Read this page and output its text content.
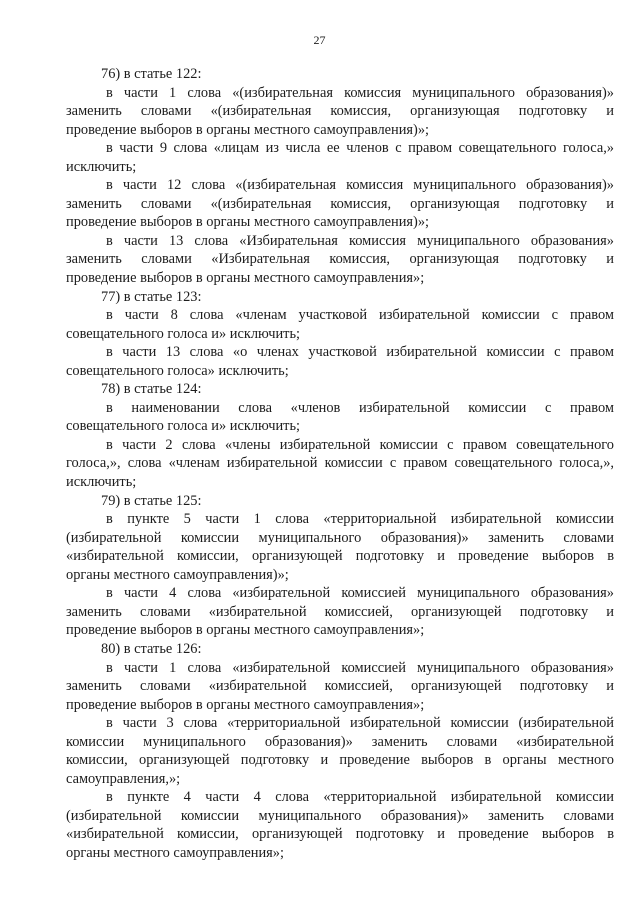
27
76) в статье 122:
в части 1 слова «(избирательная комиссия муниципального образования)»
заменить словами «(избирательная комиссия, организующая подготовку и
проведение выборов в органы местного самоуправления)»;
в части 9 слова «лицам из числа ее членов с правом совещательного голоса,»
исключить;
в части 12 слова «(избирательная комиссия муниципального образования)»
заменить словами «(избирательная комиссия, организующая подготовку и
проведение выборов в органы местного самоуправления)»;
в части 13 слова «Избирательная комиссия муниципального образования»
заменить словами «Избирательная комиссия, организующая подготовку и
проведение выборов в органы местного самоуправления»;
77) в статье 123:
в части 8 слова «членам участковой избирательной комиссии с правом
совещательного голоса и» исключить;
в части 13 слова «о членах участковой избирательной комиссии с правом
совещательного голоса» исключить;
78) в статье 124:
в наименовании слова «членов избирательной комиссии с правом
совещательного голоса и» исключить;
в части 2 слова «члены избирательной комиссии с правом совещательного
голоса,», слова «членам избирательной комиссии с правом совещательного голоса,»,
исключить;
79) в статье 125:
в пункте 5 части 1 слова «территориальной избирательной комиссии
(избирательной комиссии муниципального образования)» заменить словами
«избирательной комиссии, организующей подготовку и проведение выборов в
органы местного самоуправления)»;
в части 4 слова «избирательной комиссией муниципального образования»
заменить словами «избирательной комиссией, организующей подготовку и
проведение выборов в органы местного самоуправления»;
80) в статье 126:
в части 1 слова «избирательной комиссией муниципального образования»
заменить словами «избирательной комиссией, организующей подготовку и
проведение выборов в органы местного самоуправления»;
в части 3 слова «территориальной избирательной комиссии (избирательной
комиссии муниципального образования)» заменить словами «избирательной
комиссии, организующей подготовку и проведение выборов в органы местного
самоуправления,»;
в пункте 4 части 4 слова «территориальной избирательной комиссии
(избирательной комиссии муниципального образования)» заменить словами
«избирательной комиссии, организующей подготовку и проведение выборов в
органы местного самоуправления»;
